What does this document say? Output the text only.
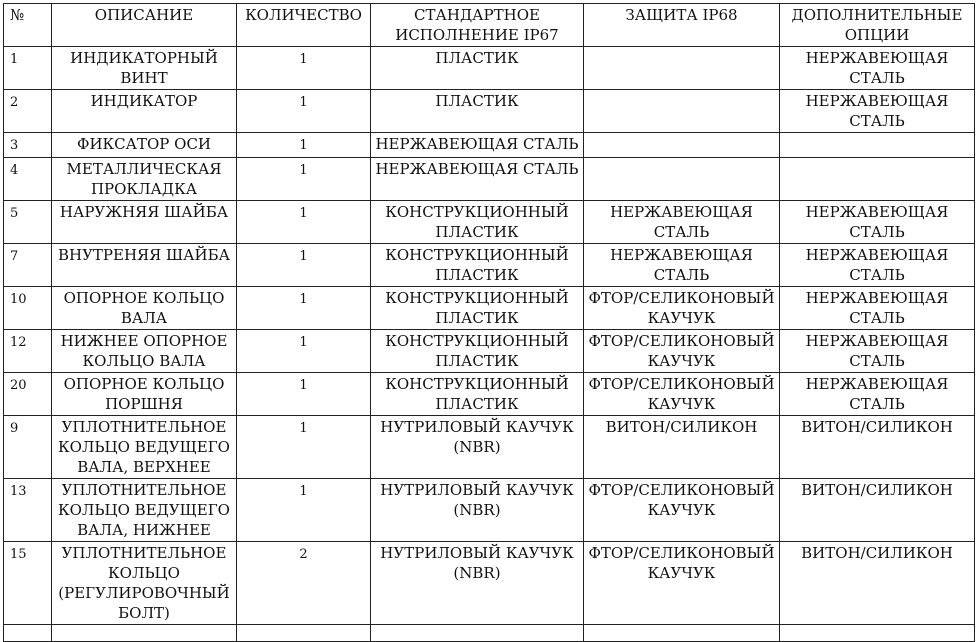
№	ОПИСАНИЕ	КОЛИЧЕСТВО	СТАНДАРТНОЕ ИСПОЛНЕНИЕ IP67	ЗАЩИТА IP68	ДОПОЛНИТЕЛЬНЫЕ ОПЦИИ
1	ИНДИКАТОРНЫЙ ВИНТ	1	ПЛАСТИК		НЕРЖАВЕЮЩАЯ СТАЛЬ
2	ИНДИКАТОР	1	ПЛАСТИК		НЕРЖАВЕЮЩАЯ СТАЛЬ
3	ФИКСАТОР ОСИ	1	НЕРЖАВЕЮЩАЯ СТАЛЬ		
4	МЕТАЛЛИЧЕСКАЯ ПРОКЛАДКА	1	НЕРЖАВЕЮЩАЯ СТАЛЬ		
5	НАРУЖНЯЯ ШАЙБА	1	КОНСТРУКЦИОННЫЙ ПЛАСТИК	НЕРЖАВЕЮЩАЯ СТАЛЬ	НЕРЖАВЕЮЩАЯ СТАЛЬ
7	ВНУТРЕНЯЯ ШАЙБА	1	КОНСТРУКЦИОННЫЙ ПЛАСТИК	НЕРЖАВЕЮЩАЯ СТАЛЬ	НЕРЖАВЕЮЩАЯ СТАЛЬ
10	ОПОРНОЕ КОЛЬЦО ВАЛА	1	КОНСТРУКЦИОННЫЙ ПЛАСТИК	ФТОР/СЕЛИКОНОВЫЙ КАУЧУК	НЕРЖАВЕЮЩАЯ СТАЛЬ
12	НИЖНЕЕ ОПОРНОЕ КОЛЬЦО ВАЛА	1	КОНСТРУКЦИОННЫЙ ПЛАСТИК	ФТОР/СЕЛИКОНОВЫЙ КАУЧУК	НЕРЖАВЕЮЩАЯ СТАЛЬ
20	ОПОРНОЕ КОЛЬЦО ПОРШНЯ	1	КОНСТРУКЦИОННЫЙ ПЛАСТИК	ФТОР/СЕЛИКОНОВЫЙ КАУЧУК	НЕРЖАВЕЮЩАЯ СТАЛЬ
9	УПЛОТНИТЕЛЬНОЕ КОЛЬЦО ВЕДУЩЕГО ВАЛА, ВЕРХНЕЕ	1	НУТРИЛОВЫЙ КАУЧУК (NBR)	ВИТОН/СИЛИКОН	ВИТОН/СИЛИКОН
13	УПЛОТНИТЕЛЬНОЕ КОЛЬЦО ВЕДУЩЕГО ВАЛА, НИЖНЕЕ	1	НУТРИЛОВЫЙ КАУЧУК (NBR)	ФТОР/СЕЛИКОНОВЫЙ КАУЧУК	ВИТОН/СИЛИКОН
15	УПЛОТНИТЕЛЬНОЕ КОЛЬЦО (РЕГУЛИРОВОЧНЫЙ БОЛТ)	2	НУТРИЛОВЫЙ КАУЧУК (NBR)	ФТОР/СЕЛИКОНОВЫЙ КАУЧУК	ВИТОН/СИЛИКОН
